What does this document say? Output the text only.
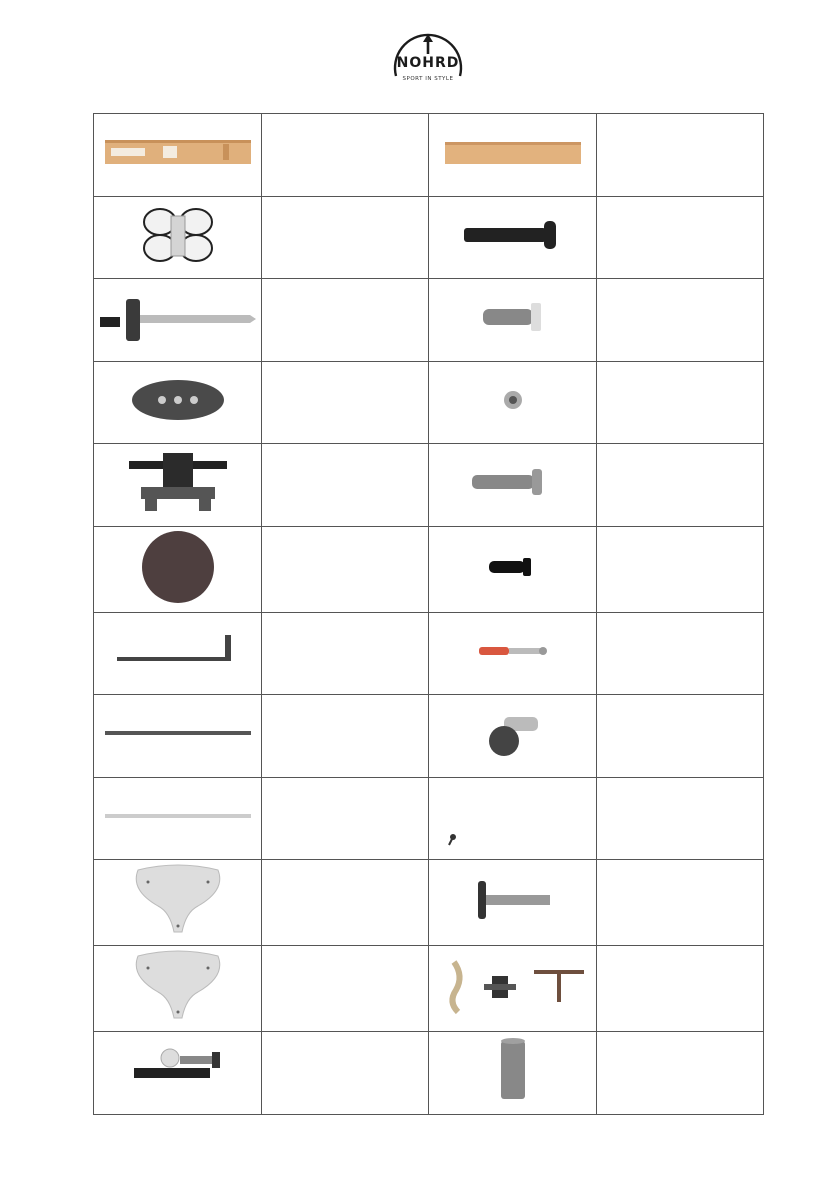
NOHRD
SPORT IN STYLE
